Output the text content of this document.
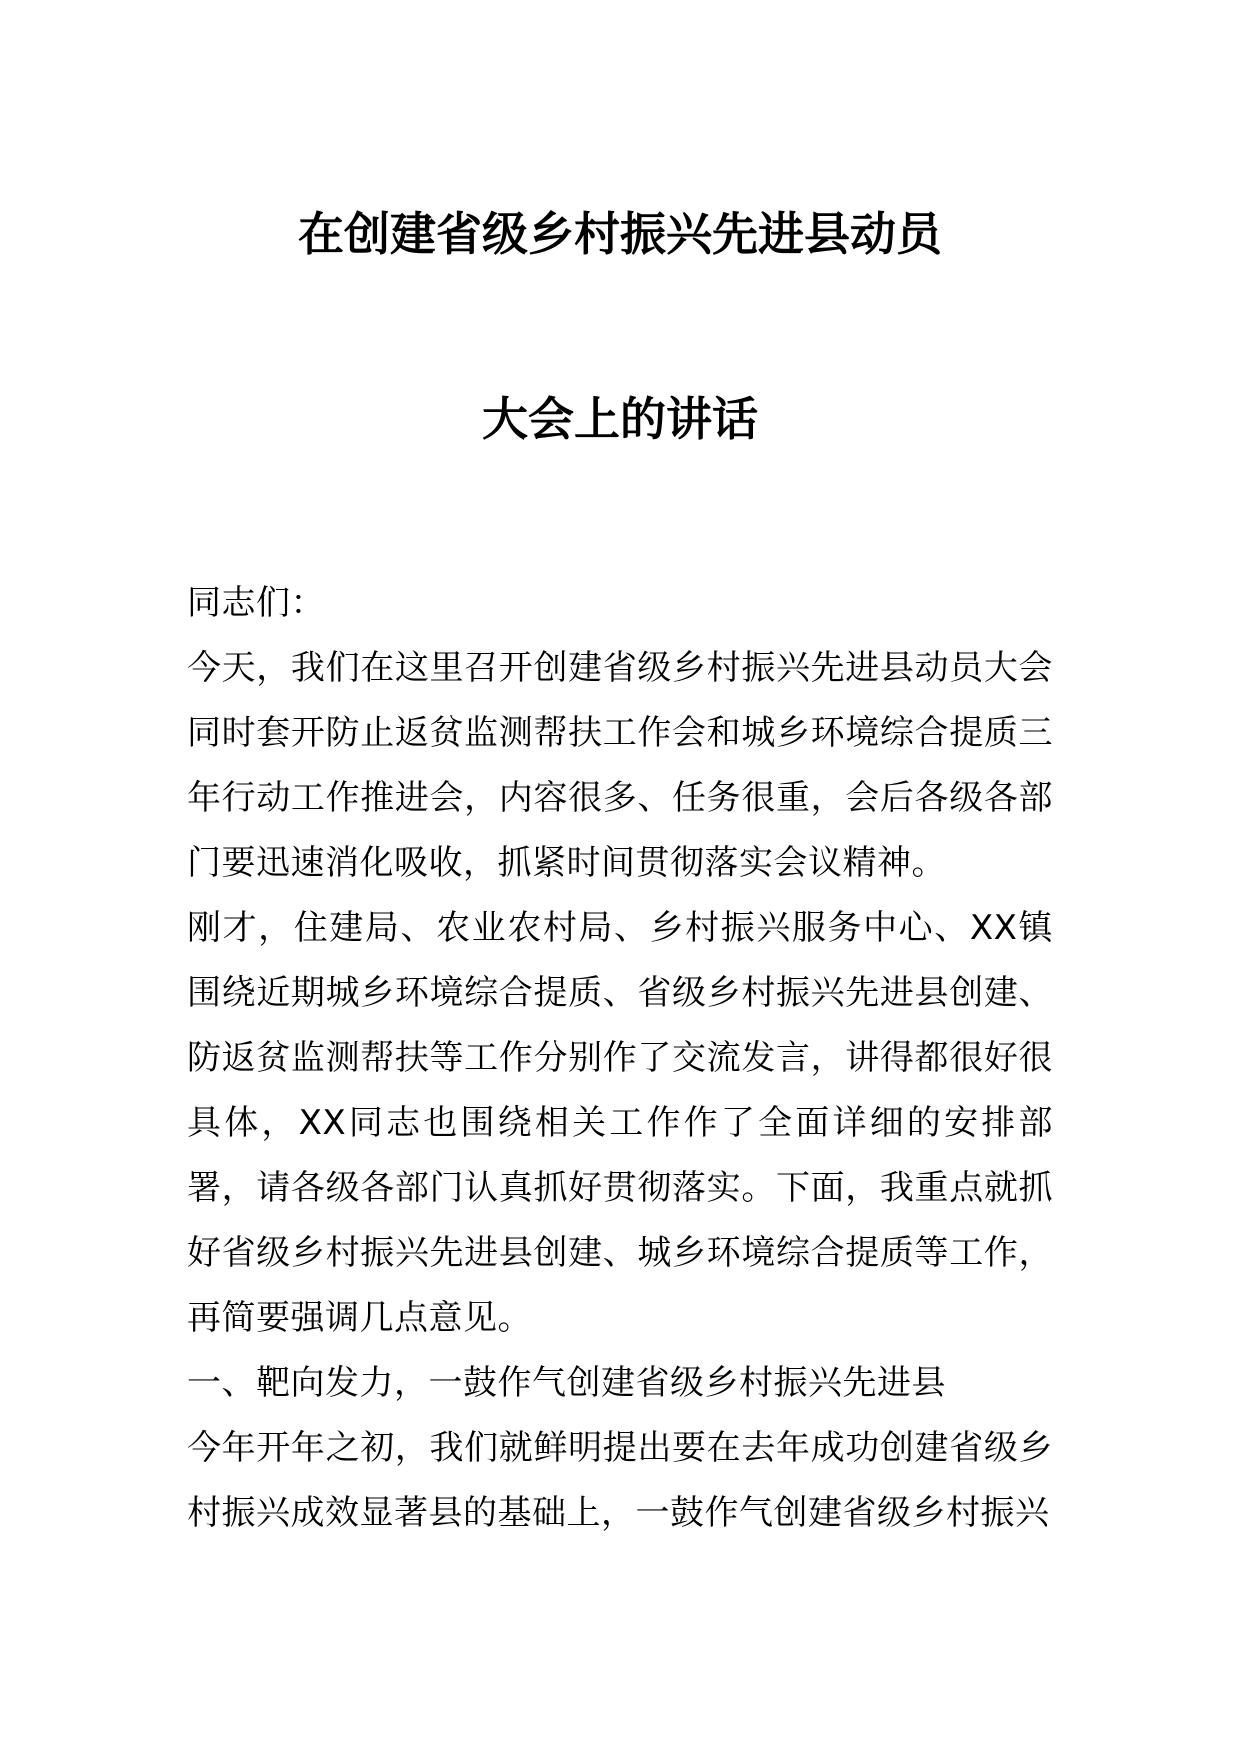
在创建省级乡村振兴先进县动员
大会上的讲话

同志们：

今天，我们在这里召开创建省级乡村振兴先进县动员大会同时套开防止返贫监测帮扶工作会和城乡环境综合提质三年行动工作推进会，内容很多、任务很重，会后各级各部门要迅速消化吸收，抓紧时间贯彻落实会议精神。

刚才，住建局、农业农村局、乡村振兴服务中心、XX镇围绕近期城乡环境综合提质、省级乡村振兴先进县创建、防返贫监测帮扶等工作分别作了交流发言，讲得都很好很具体，XX同志也围绕相关工作作了全面详细的安排部署，请各级各部门认真抓好贯彻落实。下面，我重点就抓好省级乡村振兴先进县创建、城乡环境综合提质等工作，再简要强调几点意见。

一、靶向发力，一鼓作气创建省级乡村振兴先进县

今年开年之初，我们就鲜明提出要在去年成功创建省级乡村振兴成效显著县的基础上，一鼓作气创建省级乡村振兴
